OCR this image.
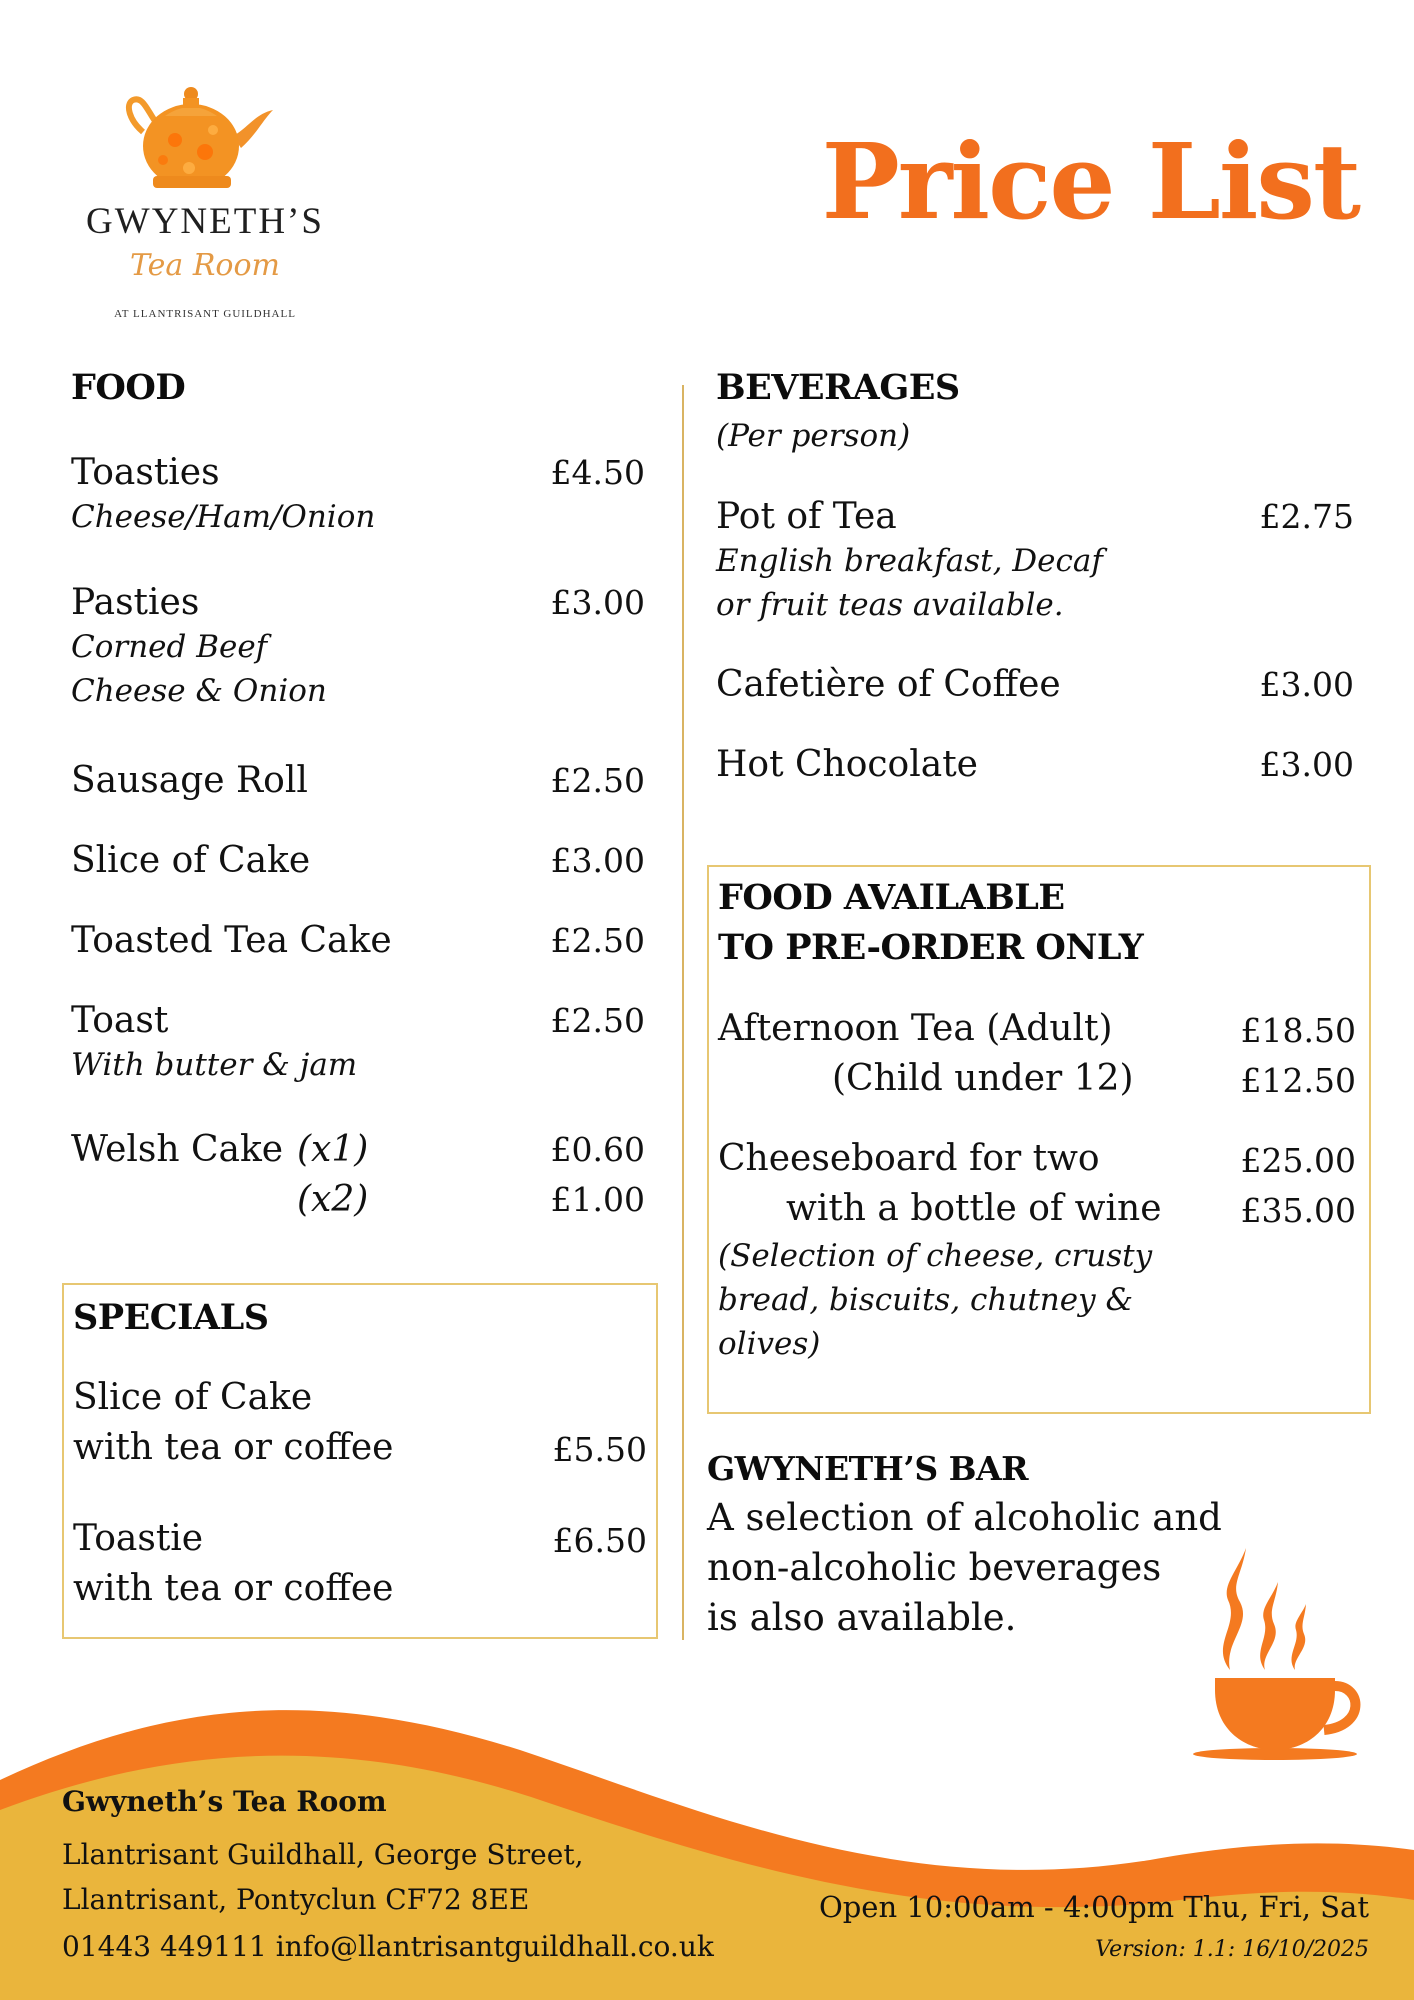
GWYNETH’S
Tea Room
AT LLANTRISANT GUILDHALL
Price List
FOOD
Toasties	£4.50
Cheese/Ham/Onion
Pasties	£3.00
Corned Beef
Cheese & Onion
Sausage Roll	£2.50
Slice of Cake	£3.00
Toasted Tea Cake	£2.50
Toast	£2.50
With butter & jam
Welsh Cake (x1)	£0.60
(x2)	£1.00
SPECIALS
Slice of Cake
with tea or coffee	£5.50
Toastie	£6.50
with tea or coffee
BEVERAGES
(Per person)
Pot of Tea	£2.75
English breakfast, Decaf
or fruit teas available.
Cafetière of Coffee	£3.00
Hot Chocolate	£3.00
FOOD AVAILABLE
TO PRE-ORDER ONLY
Afternoon Tea (Adult)	£18.50
(Child under 12)	£12.50
Cheeseboard for two	£25.00
with a bottle of wine £35.00
(Selection of cheese, crusty
bread, biscuits, chutney &
olives)
GWYNETH’S BAR
A selection of alcoholic and
non-alcoholic beverages
is also available.
Gwyneth’s Tea Room
Llantrisant Guildhall, George Street,
Llantrisant, Pontyclun CF72 8EE
01443 449111 info@llantrisantguildhall.co.uk
Open 10:00am - 4:00pm Thu, Fri, Sat
Version: 1.1: 16/10/2025
